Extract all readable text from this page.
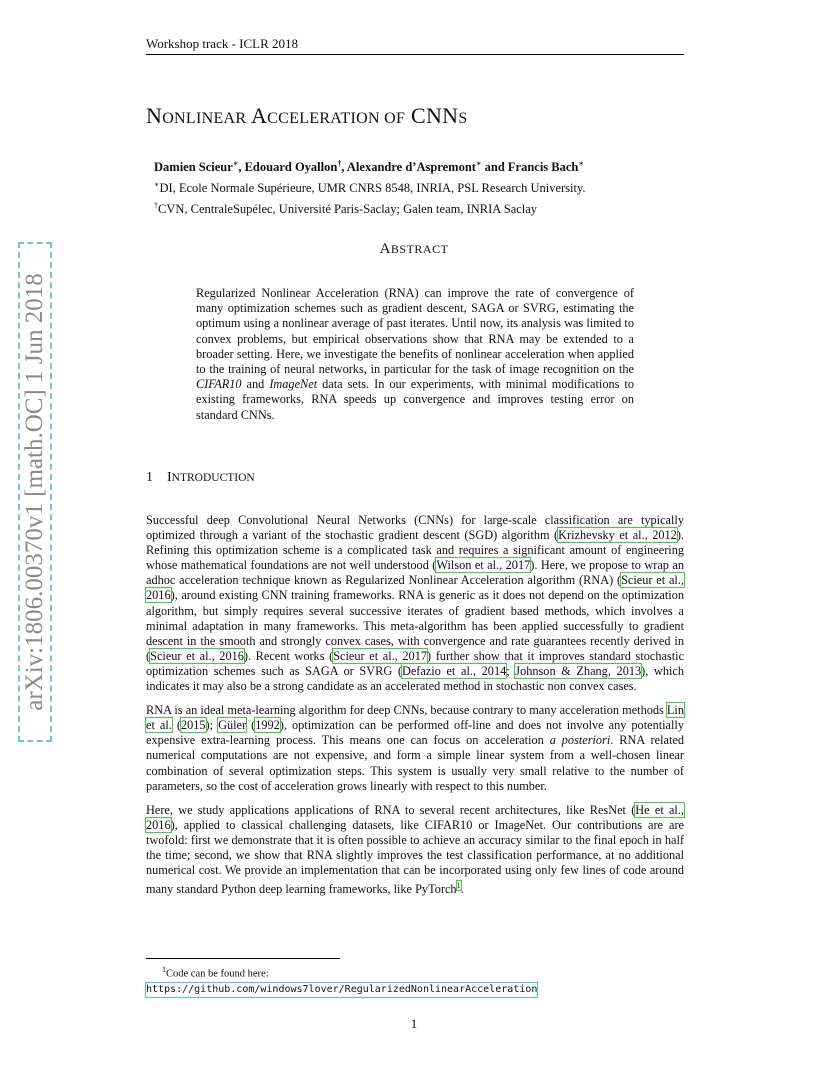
Workshop track - ICLR 2018
arXiv:1806.00370v1 [math.OC] 1 Jun 2018
NONLINEAR ACCELERATION OF CNNS
Damien Scieur∗, Edouard Oyallon†, Alexandre d’Aspremont∗ and Francis Bach∗
∗DI, Ecole Normale Supérieure, UMR CNRS 8548, INRIA, PSL Research University.
†CVN, CentraleSupélec, Université Paris-Saclay; Galen team, INRIA Saclay
ABSTRACT
Regularized Nonlinear Acceleration (RNA) can improve the rate of convergence of many optimization schemes such as gradient descent, SAGA or SVRG, estimating the optimum using a nonlinear average of past iterates. Until now, its analysis was limited to convex problems, but empirical observations show that RNA may be extended to a broader setting. Here, we investigate the benefits of nonlinear acceleration when applied to the training of neural networks, in particular for the task of image recognition on the CIFAR10 and ImageNet data sets. In our experiments, with minimal modifications to existing frameworks, RNA speeds up convergence and improves testing error on standard CNNs.
1 INTRODUCTION

Successful deep Convolutional Neural Networks (CNNs) for large-scale classification are typically optimized through a variant of the stochastic gradient descent (SGD) algorithm (Krizhevsky et al., 2012). Refining this optimization scheme is a complicated task and requires a significant amount of engineering whose mathematical foundations are not well understood (Wilson et al., 2017). Here, we propose to wrap an adhoc acceleration technique known as Regularized Nonlinear Acceleration algorithm (RNA) (Scieur et al., 2016), around existing CNN training frameworks. RNA is generic as it does not depend on the optimization algorithm, but simply requires several successive iterates of gradient based methods, which involves a minimal adaptation in many frameworks. This meta-algorithm has been applied successfully to gradient descent in the smooth and strongly convex cases, with convergence and rate guarantees recently derived in (Scieur et al., 2016). Recent works (Scieur et al., 2017) further show that it improves standard stochastic optimization schemes such as SAGA or SVRG (Defazio et al., 2014; Johnson & Zhang, 2013), which indicates it may also be a strong candidate as an accelerated method in stochastic non convex cases.

RNA is an ideal meta-learning algorithm for deep CNNs, because contrary to many acceleration methods Lin et al. (2015); Güler (1992), optimization can be performed off-line and does not involve any potentially expensive extra-learning process. This means one can focus on acceleration a posteriori. RNA related numerical computations are not expensive, and form a simple linear system from a well-chosen linear combination of several optimization steps. This system is usually very small relative to the number of parameters, so the cost of acceleration grows linearly with respect to this number.

Here, we study applications applications of RNA to several recent architectures, like ResNet (He et al., 2016), applied to classical challenging datasets, like CIFAR10 or ImageNet. Our contributions are are twofold: first we demonstrate that it is often possible to achieve an accuracy similar to the final epoch in half the time; second, we show that RNA slightly improves the test classification performance, at no additional numerical cost. We provide an implementation that can be incorporated using only few lines of code around many standard Python deep learning frameworks, like PyTorch$^1$.

$^1$Code can be found here:
https://github.com/windows7lover/RegularizedNonlinearAcceleration
1
